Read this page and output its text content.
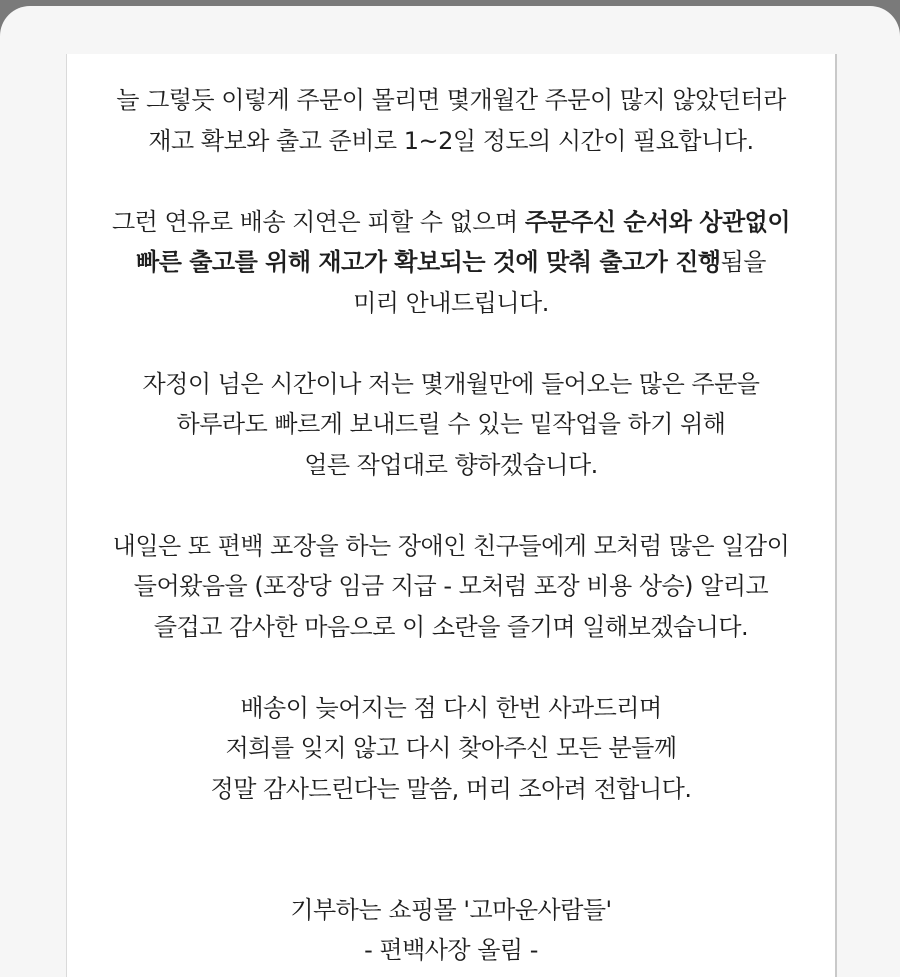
늘 그렇듯 이렇게 주문이 몰리면 몇개월간 주문이 많지 않았던터라
재고 확보와 출고 준비로 1~2일 정도의 시간이 필요합니다.
그런 연유로 배송 지연은 피할 수 없으며 주문주신 순서와 상관없이
빠른 출고를 위해 재고가 확보되는 것에 맞춰 출고가 진행됨을
미리 안내드립니다.
자정이 넘은 시간이나 저는 몇개월만에 들어오는 많은 주문을
하루라도 빠르게 보내드릴 수 있는 밑작업을 하기 위해
얼른 작업대로 향하겠습니다.
내일은 또 편백 포장을 하는 장애인 친구들에게 모처럼 많은 일감이
들어왔음을 (포장당 임금 지급 - 모처럼 포장 비용 상승) 알리고
즐겁고 감사한 마음으로 이 소란을 즐기며 일해보겠습니다.
배송이 늦어지는 점 다시 한번 사과드리며
저희를 잊지 않고 다시 찾아주신 모든 분들께
정말 감사드린다는 말씀, 머리 조아려 전합니다.
기부하는 쇼핑몰 '고마운사람들'
- 편백사장 올림 -
